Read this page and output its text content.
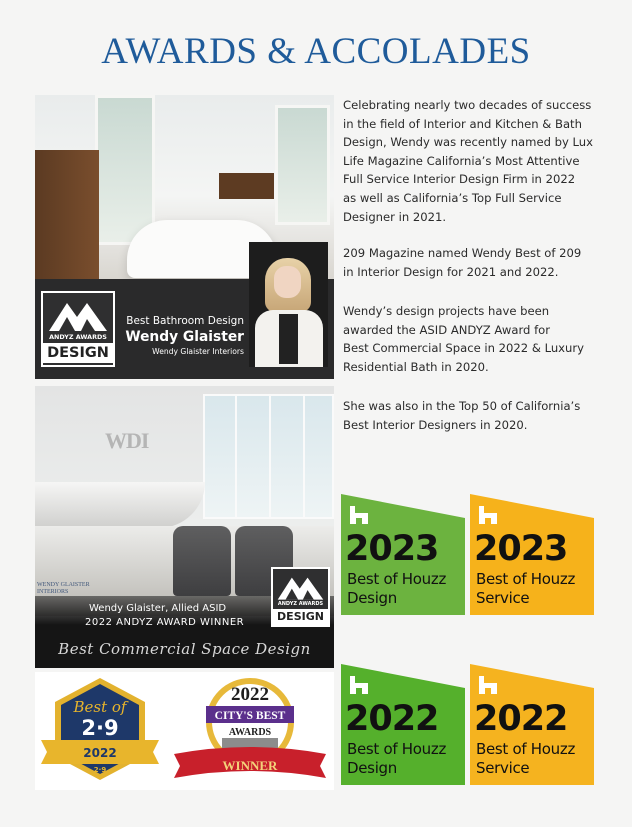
AWARDS & ACCOLADES
Celebrating nearly two decades of success
in the field of Interior and Kitchen & Bath
Design, Wendy was recently named by Lux
Life Magazine California’s Most Attentive
Full Service Interior Design Firm in 2022
as well as California’s Top Full Service
Designer in 2021.
209 Magazine named Wendy Best of 209
in Interior Design for 2021 and 2022.
Wendy’s design projects have been
awarded the ASID ANDYZ Award for
Best Commercial Space in 2022 & Luxury
Residential Bath in 2020.
She was also in the Top 50 of California’s
Best Interior Designers in 2020.
ANDYZ AWARDS
DESIGN
Best Bathroom Design
Wendy Glaister
Wendy Glaister Interiors
WDI
WENDY GLAISTER INTERIORS
ANDYZ AWARDS
DESIGN
Wendy Glaister, Allied ASID
2022 ANDYZ AWARD WINNER
Best Commercial Space Design
Best of
2·9
2022
2·9
2022
CITY'S BEST
AWARDS
WINNER
2023
Best of Houzz
Design
2023
Best of Houzz
Service
2022
Best of Houzz
Design
2022
Best of Houzz
Service
